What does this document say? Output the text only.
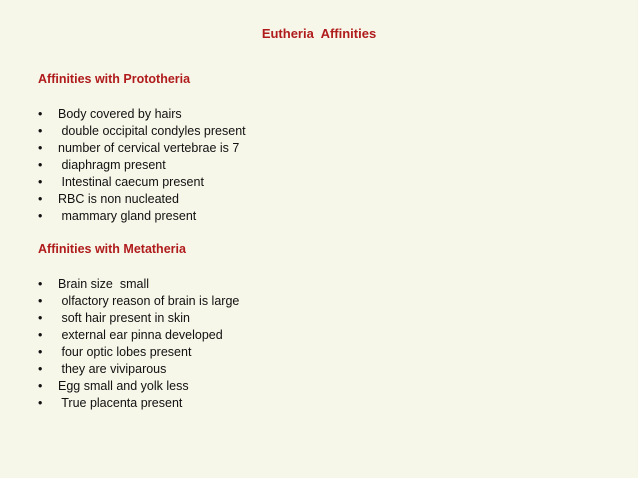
Eutheria  Affinities
Affinities with Prototheria
• Body covered by hairs
• double occipital condyles present
• number of cervical vertebrae is 7
• diaphragm present
• Intestinal caecum present
• RBC is non nucleated
• mammary gland present
Affinities with Metatheria
• Brain size  small
• olfactory reason of brain is large
• soft hair present in skin
• external ear pinna developed
• four optic lobes present
• they are viviparous
• Egg small and yolk less
• True placenta present
